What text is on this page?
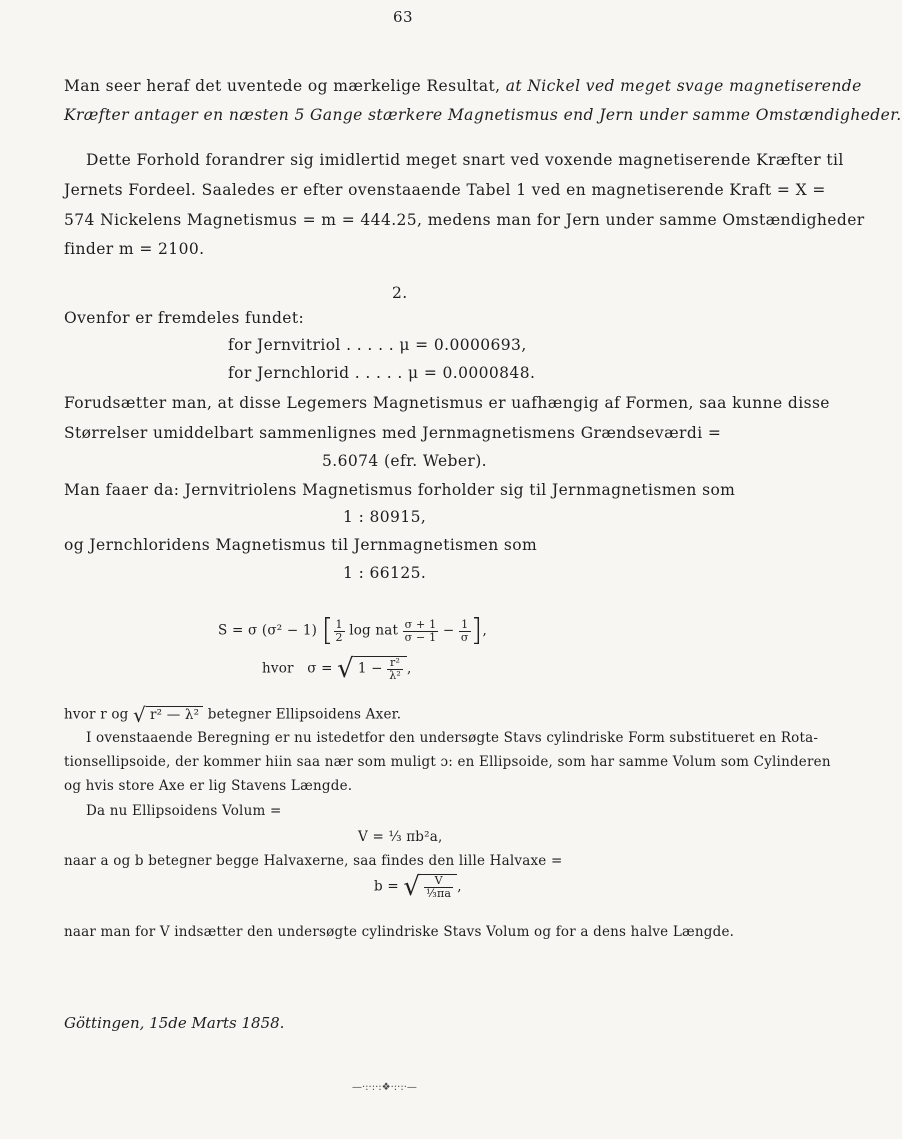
63
Man seer heraf det uventede og mærkelige Resultat, at Nickel ved meget svage magnetiserende
Kræfter antager en næsten 5 Gange stærkere Magnetismus end Jern under samme Omstændigheder.
Dette Forhold forandrer sig imidlertid meget snart ved voxende magnetiserende Kræfter til
Jernets Fordeel. Saaledes er efter ovenstaaende Tabel 1 ved en magnetiserende Kraft = X =
574 Nickelens Magnetismus = m = 444.25, medens man for Jern under samme Omstændigheder
finder m = 2100.
2.
Ovenfor er fremdeles fundet:
for Jernvitriol . . . . . μ = 0.0000693,
for Jernchlorid . . . . . μ = 0.0000848.
Forudsætter man, at disse Legemers Magnetismus er uafhængig af Formen, saa kunne disse
Størrelser umiddelbart sammenlignes med Jernmagnetismens Grændseværdi =
5.6074 (efr. Weber).
Man faaer da: Jernvitriolens Magnetismus forholder sig til Jernmagnetismen som
1 : 80915,
og Jernchloridens Magnetismus til Jernmagnetismen som
1 : 66125.
S = σ (σ² − 1) [ $\frac{1}{2}$ log nat $\frac{\sigma + 1}{\sigma - 1} - \frac{1}{\sigma}$ ],
hvor σ = √ $1 - \frac{\text{r²}}{\text{λ²}}$ ,
hvor r og √ r² — λ² betegner Ellipsoidens Axer.
I ovenstaaende Beregning er nu istedetfor den undersøgte Stavs cylindriske Form substitueret en Rota-
tionsellipsoide, der kommer hiin saa nær som muligt ɔ: en Ellipsoide, som har samme Volum som Cylinderen
og hvis store Axe er lig Stavens Længde.
Da nu Ellipsoidens Volum =
V = ⅓ πb²a,
naar a og b betegner begge Halvaxerne, saa findes den lille Halvaxe =
b = √ $\frac{V}{\text{⅓πa}}$ ,
naar man for V indsætter den undersøgte cylindriske Stavs Volum og for a dens halve Længde.
Göttingen, 15de Marts 1858.
—·:·:·:❖·:·:·—
